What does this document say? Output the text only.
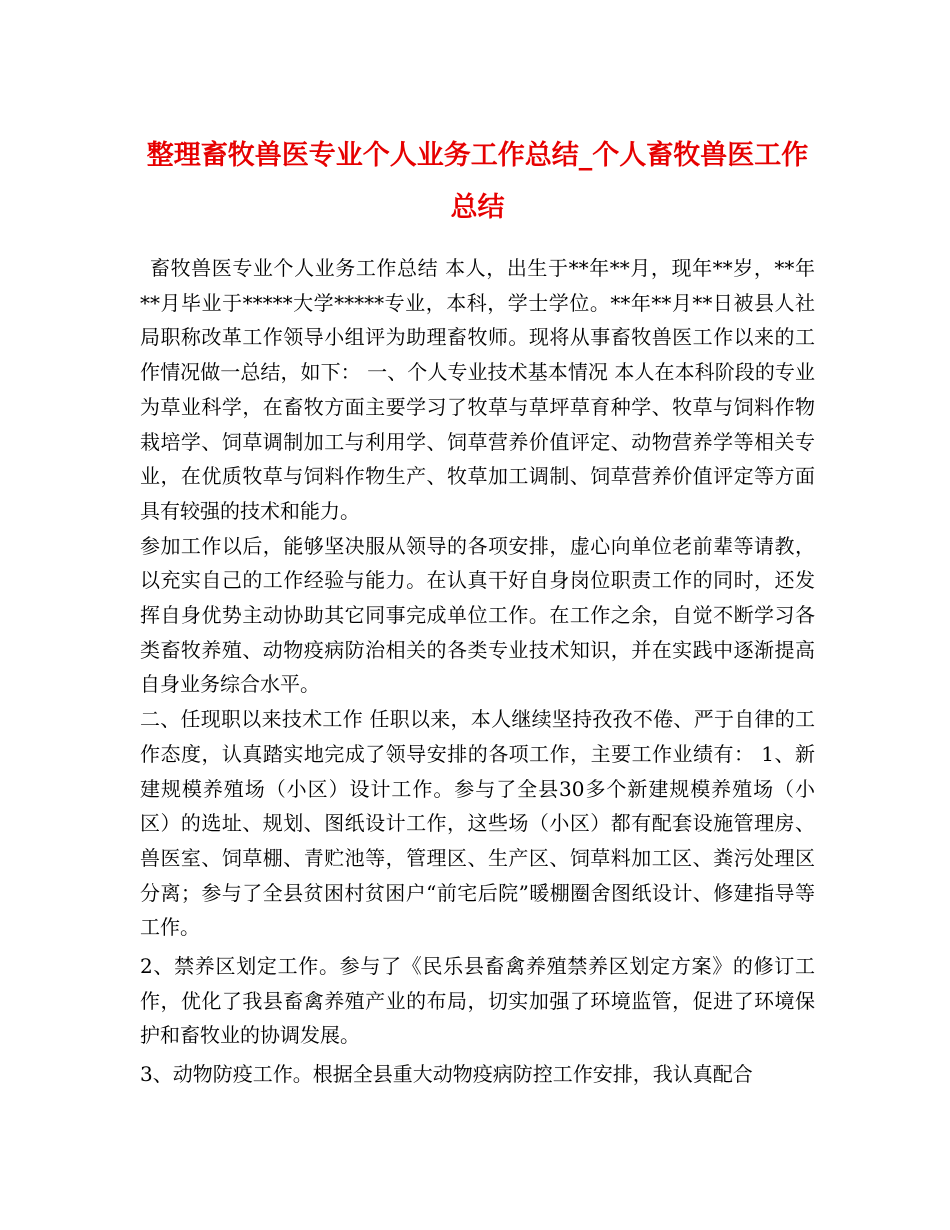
整理畜牧兽医专业个人业务工作总结_个人畜牧兽医工作总结

畜牧兽医专业个人业务工作总结 本人，出生于**年**月，现年**岁，**年**月毕业于*****大学*****专业，本科，学士学位。**年**月**日被县人社局职称改革工作领导小组评为助理畜牧师。现将从事畜牧兽医工作以来的工作情况做一总结，如下： 一、个人专业技术基本情况 本人在本科阶段的专业为草业科学，在畜牧方面主要学习了牧草与草坪草育种学、牧草与饲料作物栽培学、饲草调制加工与利用学、饲草营养价值评定、动物营养学等相关专业，在优质牧草与饲料作物生产、牧草加工调制、饲草营养价值评定等方面具有较强的技术和能力。

参加工作以后，能够坚决服从领导的各项安排，虚心向单位老前辈等请教，以充实自己的工作经验与能力。在认真干好自身岗位职责工作的同时，还发挥自身优势主动协助其它同事完成单位工作。在工作之余，自觉不断学习各类畜牧养殖、动物疫病防治相关的各类专业技术知识，并在实践中逐渐提高自身业务综合水平。

二、任现职以来技术工作 任职以来，本人继续坚持孜孜不倦、严于自律的工作态度，认真踏实地完成了领导安排的各项工作，主要工作业绩有： 1、新建规模养殖场（小区）设计工作。参与了全县30多个新建规模养殖场（小区）的选址、规划、图纸设计工作，这些场（小区）都有配套设施管理房、兽医室、饲草棚、青贮池等，管理区、生产区、饲草料加工区、粪污处理区分离；参与了全县贫困村贫困户“前宅后院”暖棚圈舍图纸设计、修建指导等工作。

2、禁养区划定工作。参与了《民乐县畜禽养殖禁养区划定方案》的修订工作，优化了我县畜禽养殖产业的布局，切实加强了环境监管，促进了环境保护和畜牧业的协调发展。

3、动物防疫工作。根据全县重大动物疫病防控工作安排，我认真配合
